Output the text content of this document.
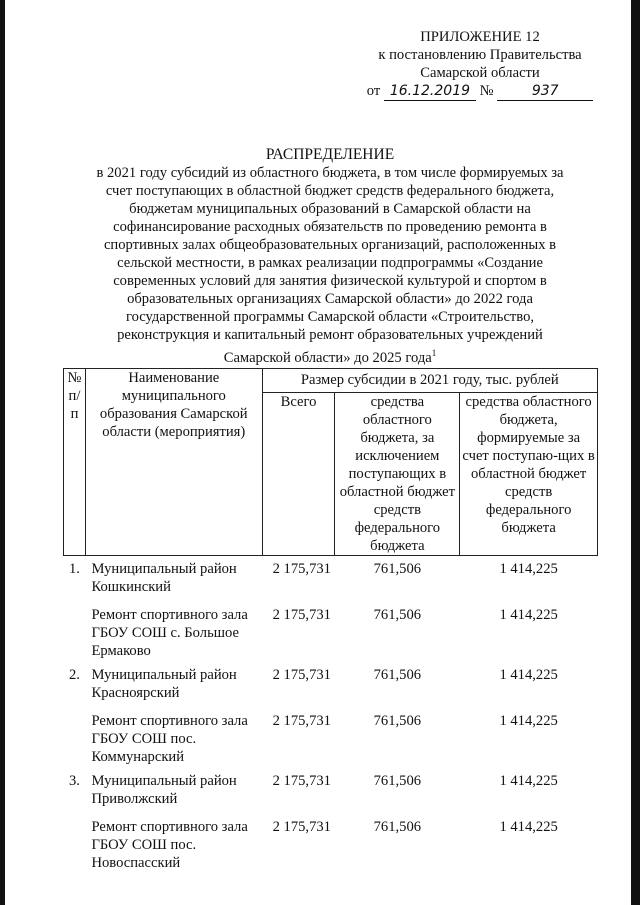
ПРИЛОЖЕНИЕ 12
к постановлению Правительства
Самарской области
от 16.12.2019 №	937
РАСПРЕДЕЛЕНИЕ
в 2021 году субсидий из областного бюджета, в том числе формируемых за
счет поступающих в областной бюджет средств федерального бюджета,
бюджетам муниципальных образований в Самарской области на
софинансирование расходных обязательств по проведению ремонта в
спортивных залах общеобразовательных организаций, расположенных в
сельской местности, в рамках реализации подпрограммы «Создание
современных условий для занятия физической культурой и спортом в
образовательных организациях Самарской области» до 2022 года
государственной программы Самарской области «Строительство,
реконструкция и капитальный ремонт образовательных учреждений
Самарской области» до 2025 года$^1$
№ п/п	Наименование муниципального образования Самарской области (мероприятия)	Размер субсидии в 2021 году, тыс. рублей		
		Всего	средства областного бюджета, за исключением поступающих в областной бюджет средств федерального бюджета	средства областного бюджета, формируемые за счет поступаю-щих в областной бюджет средств федерального бюджета
1.	Муниципальный район Кошкинский	2 175,731	761,506	1 414,225
	Ремонт спортивного зала ГБОУ СОШ с. Большое Ермаково	2 175,731	761,506	1 414,225
2.	Муниципальный район Красноярский	2 175,731	761,506	1 414,225
	Ремонт спортивного зала ГБОУ СОШ пос. Коммунарский	2 175,731	761,506	1 414,225
3.	Муниципальный район Приволжский	2 175,731	761,506	1 414,225
	Ремонт спортивного зала ГБОУ СОШ пос. Новоспасский	2 175,731	761,506	1 414,225
